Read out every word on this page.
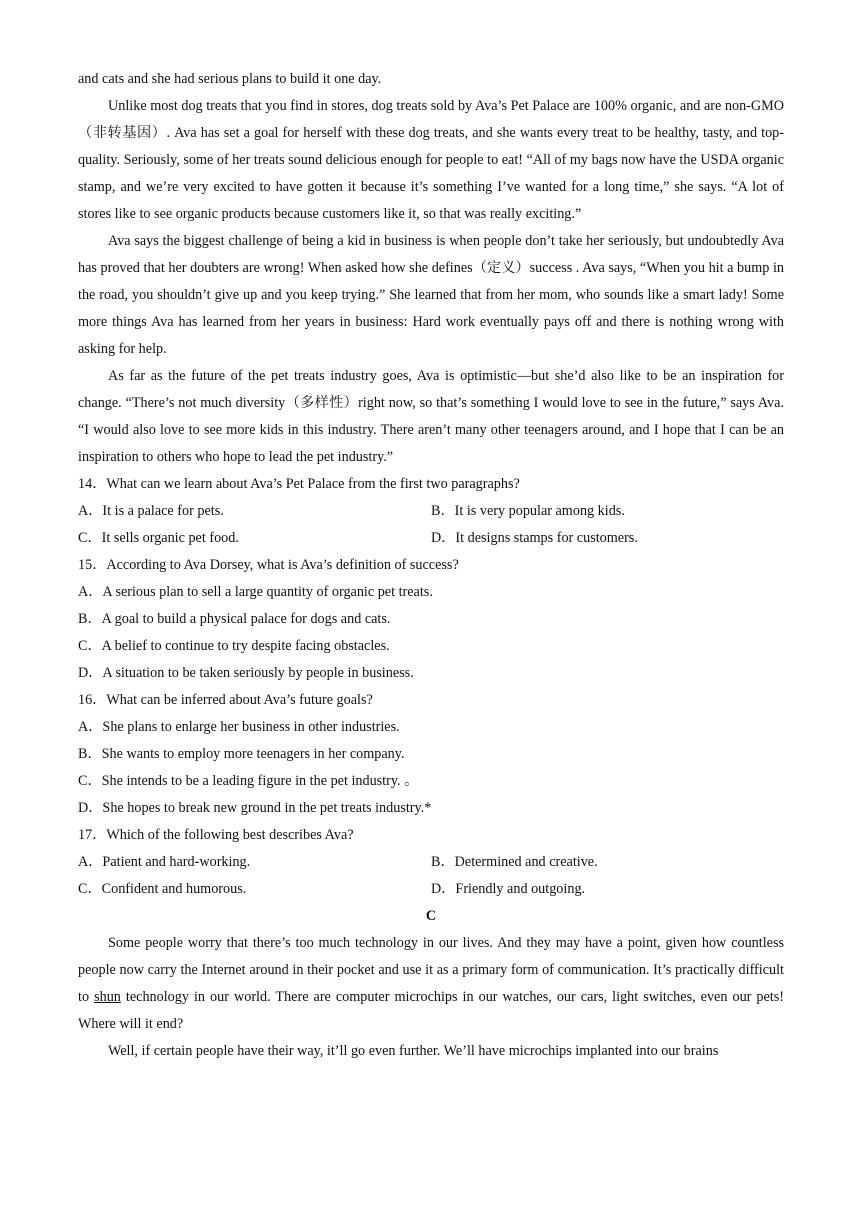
and cats and she had serious plans to build it one day.

Unlike most dog treats that you find in stores, dog treats sold by Ava’s Pet Palace are 100% organic, and are non-GMO（非转基因）. Ava has set a goal for herself with these dog treats, and she wants every treat to be healthy, tasty, and top-quality. Seriously, some of her treats sound delicious enough for people to eat! “All of my bags now have the USDA organic stamp, and we’re very excited to have gotten it because it’s something I’ve wanted for a long time,” she says. “A lot of stores like to see organic products because customers like it, so that was really exciting.”

Ava says the biggest challenge of being a kid in business is when people don’t take her seriously, but undoubtedly Ava has proved that her doubters are wrong! When asked how she defines（定义）success . Ava says, “When you hit a bump in the road, you shouldn’t give up and you keep trying.” She learned that from her mom, who sounds like a smart lady! Some more things Ava has learned from her years in business: Hard work eventually pays off and there is nothing wrong with asking for help.

As far as the future of the pet treats industry goes, Ava is optimistic—but she’d also like to be an inspiration for change. “There’s not much diversity（多样性）right now, so that’s something I would love to see in the future,” says Ava. “I would also love to see more kids in this industry. There aren’t many other teenagers around, and I hope that I can be an inspiration to others who hope to lead the pet industry.”

14．What can we learn about Ava’s Pet Palace from the first two paragraphs?

A．It is a palace for pets.	B．It is very popular among kids.
C．It sells organic pet food.	D．It designs stamps for customers.

15．According to Ava Dorsey, what is Ava’s definition of success?

A．A serious plan to sell a large quantity of organic pet treats.
B．A goal to build a physical palace for dogs and cats.
C．A belief to continue to try despite facing obstacles.
D．A situation to be taken seriously by people in business.

16．What can be inferred about Ava’s future goals?

A．She plans to enlarge her business in other industries.
B．She wants to employ more teenagers in her company.
C．She intends to be a leading figure in the pet industry. 。
D．She hopes to break new ground in the pet treats industry.*

17．Which of the following best describes Ava?

A．Patient and hard-working.	B．Determined and creative.
C．Confident and humorous.	D．Friendly and outgoing.

C

Some people worry that there’s too much technology in our lives. And they may have a point, given how countless people now carry the Internet around in their pocket and use it as a primary form of communication. It’s practically difficult to shun technology in our world. There are computer microchips in our watches, our cars, light switches, even our pets! Where will it end?

Well, if certain people have their way, it’ll go even further. We’ll have microchips implanted into our brains
